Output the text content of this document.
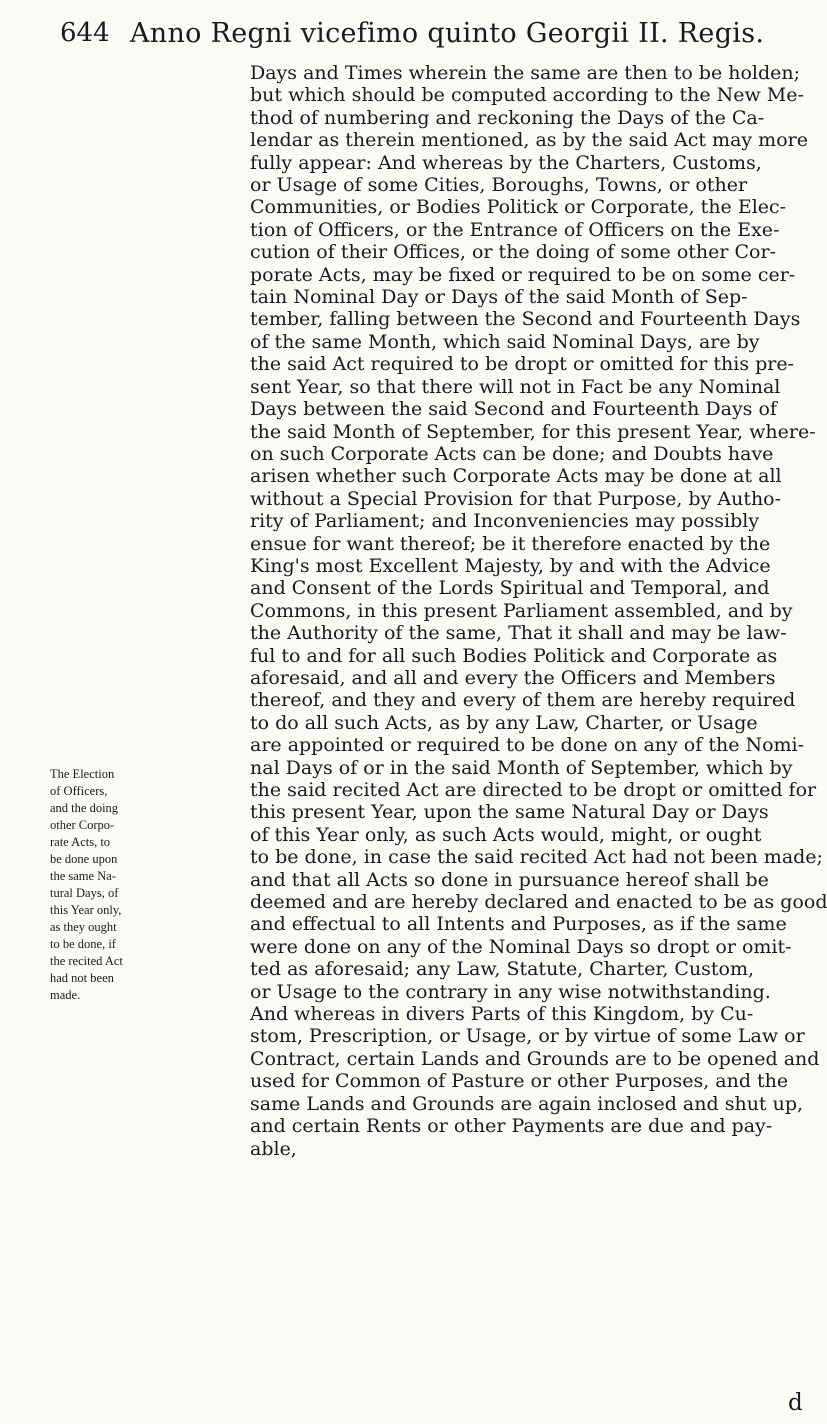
644 Anno Regni vicefimo quinto Georgii II. Regis.
Days and Times wherein the same are then to be holden;
but which should be computed according to the New Me-
thod of numbering and reckoning the Days of the Ca-
lendar as therein mentioned, as by the said Act may more
fully appear: And whereas by the Charters, Customs,
or Usage of some Cities, Boroughs, Towns, or other
Communities, or Bodies Politick or Corporate, the Elec-
tion of Officers, or the Entrance of Officers on the Exe-
cution of their Offices, or the doing of some other Cor-
porate Acts, may be fixed or required to be on some cer-
tain Nominal Day or Days of the said Month of Sep-
tember, falling between the Second and Fourteenth Days
of the same Month, which said Nominal Days, are by
the said Act required to be dropt or omitted for this pre-
sent Year, so that there will not in Fact be any Nominal
Days between the said Second and Fourteenth Days of
the said Month of September, for this present Year, where-
on such Corporate Acts can be done; and Doubts have
arisen whether such Corporate Acts may be done at all
without a Special Provision for that Purpose, by Autho-
rity of Parliament; and Inconveniencies may possibly
ensue for want thereof; be it therefore enacted by the
King's most Excellent Majesty, by and with the Advice
and Consent of the Lords Spiritual and Temporal, and
Commons, in this present Parliament assembled, and by
the Authority of the same, That it shall and may be law-
ful to and for all such Bodies Politick and Corporate as
aforesaid, and all and every the Officers and Members
thereof, and they and every of them are hereby required
to do all such Acts, as by any Law, Charter, or Usage
are appointed or required to be done on any of the Nomi-
nal Days of or in the said Month of September, which by
the said recited Act are directed to be dropt or omitted for
this present Year, upon the same Natural Day or Days
of this Year only, as such Acts would, might, or ought
to be done, in case the said recited Act had not been made;
and that all Acts so done in pursuance hereof shall be
deemed and are hereby declared and enacted to be as good
and effectual to all Intents and Purposes, as if the same
were done on any of the Nominal Days so dropt or omit-
ted as aforesaid; any Law, Statute, Charter, Custom,
or Usage to the contrary in any wise notwithstanding.
And whereas in divers Parts of this Kingdom, by Cu-
stom, Prescription, or Usage, or by virtue of some Law or
Contract, certain Lands and Grounds are to be opened and
used for Common of Pasture or other Purposes, and the
same Lands and Grounds are again inclosed and shut up,
and certain Rents or other Payments are due and pay-
able,
The Election
of Officers,
and the doing
other Corpo-
rate Acts, to
be done upon
the same Na-
tural Days, of
this Year only,
as they ought
to be done, if
the recited Act
had not been
made.
d
